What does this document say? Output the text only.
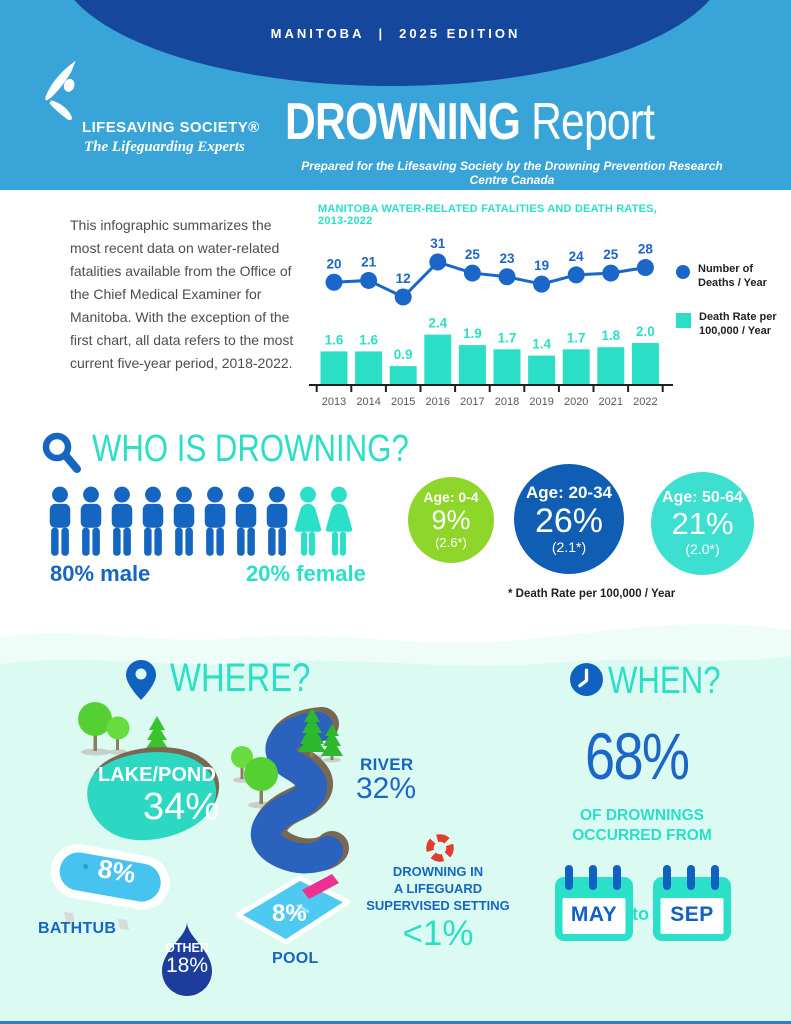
MANITOBA | 2025 EDITION
LIFESAVING SOCIETY®
The Lifeguarding Experts DROWNING Report
Prepared for the Lifesaving Society by the Drowning Prevention Research Centre Canada
This infographic summarizes the most recent data on water-related fatalities available from the Office of the Chief Medical Examiner for Manitoba. With the exception of the first chart, all data refers to the most current five-year period, 2018-2022.
MANITOBA WATER-RELATED FATALITIES AND DEATH RATES, 2013-2022
1.6 1.6
0.9
2.4
1.9 1.7 1.4 1.7 1.8 2.0
2013 2014 2015 2016 2017 2018 2019 2020 2021 2022
20 21
12
31
25 23 19
24 25 28
Number of Deaths / Year
Death Rate per 100,000 / Year
WHO IS DROWNING?
80% male	20% female
Age: 0-4
9%
(2.6*)
Age: 20-34
26%
(2.1*)
Age: 50-64
21%
(2.0*)
* Death Rate per 100,000 / Year
WHERE?
LAKE/POND
34%
RIVER
32%
8%
BATHTUB
OTHER
18%
8%
POOL
DROWNING IN
A LIFEGUARD
SUPERVISED SETTING
<1%
WHEN?
68%
OF DROWNINGS
OCCURRED FROM
MAY to	SEP
